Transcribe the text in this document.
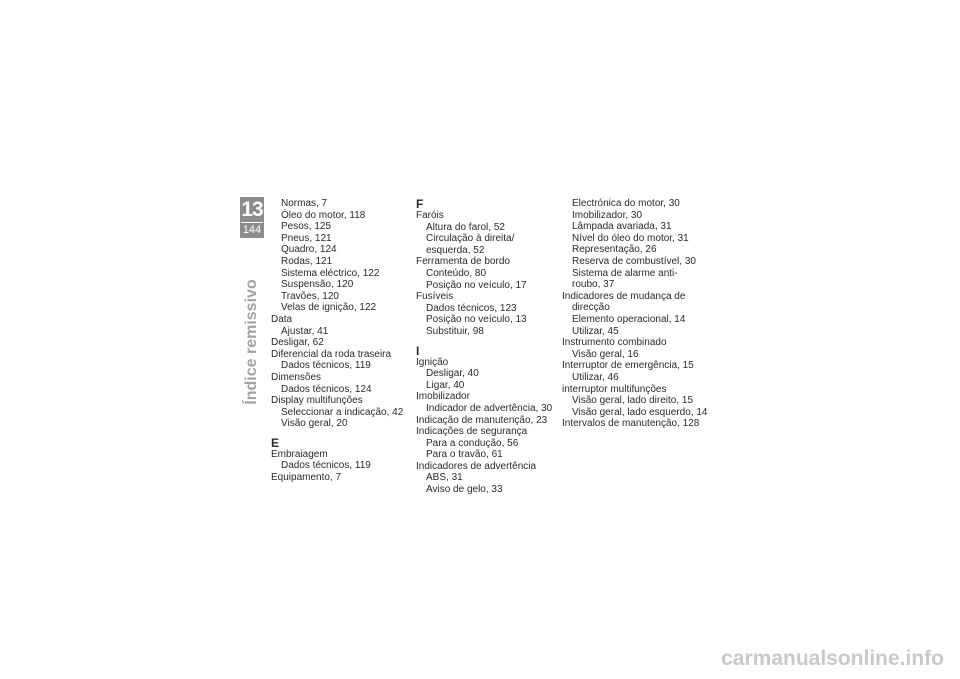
13
144
Índice remissivo
Normas, 7
Óleo do motor, 118
Pesos, 125
Pneus, 121
Quadro, 124
Rodas, 121
Sistema eléctrico, 122
Suspensão, 120
Travões, 120
Velas de ignição, 122
Data
Ajustar, 41
Desligar, 62
Diferencial da roda traseira
Dados técnicos, 119
Dimensões
Dados técnicos, 124
Display multifunções
Seleccionar a indicação, 42
Visão geral, 20
E
Embraiagem
Dados técnicos, 119
Equipamento, 7
F
Faróis
Altura do farol, 52
Circulação à direita/
esquerda, 52
Ferramenta de bordo
Conteúdo, 80
Posição no veículo, 17
Fusíveis
Dados técnicos, 123
Posição no veículo, 13
Substituir, 98
I
Ignição
Desligar, 40
Ligar, 40
Imobilizador
Indicador de advertência, 30
Indicação de manutenção, 23
Indicações de segurança
Para a condução, 56
Para o travão, 61
Indicadores de advertência
ABS, 31
Aviso de gelo, 33
Electrónica do motor, 30
Imobilizador, 30
Lâmpada avariada, 31
Nível do óleo do motor, 31
Representação, 26
Reserva de combustível, 30
Sistema de alarme anti-
roubo, 37
Indicadores de mudança de
direcção
Elemento operacional, 14
Utilizar, 45
Instrumento combinado
Visão geral, 16
Interruptor de emergência, 15
Utilizar, 46
interruptor multifunções
Visão geral, lado direito, 15
Visão geral, lado esquerdo, 14
Intervalos de manutenção, 128
carmanualsonline.info
